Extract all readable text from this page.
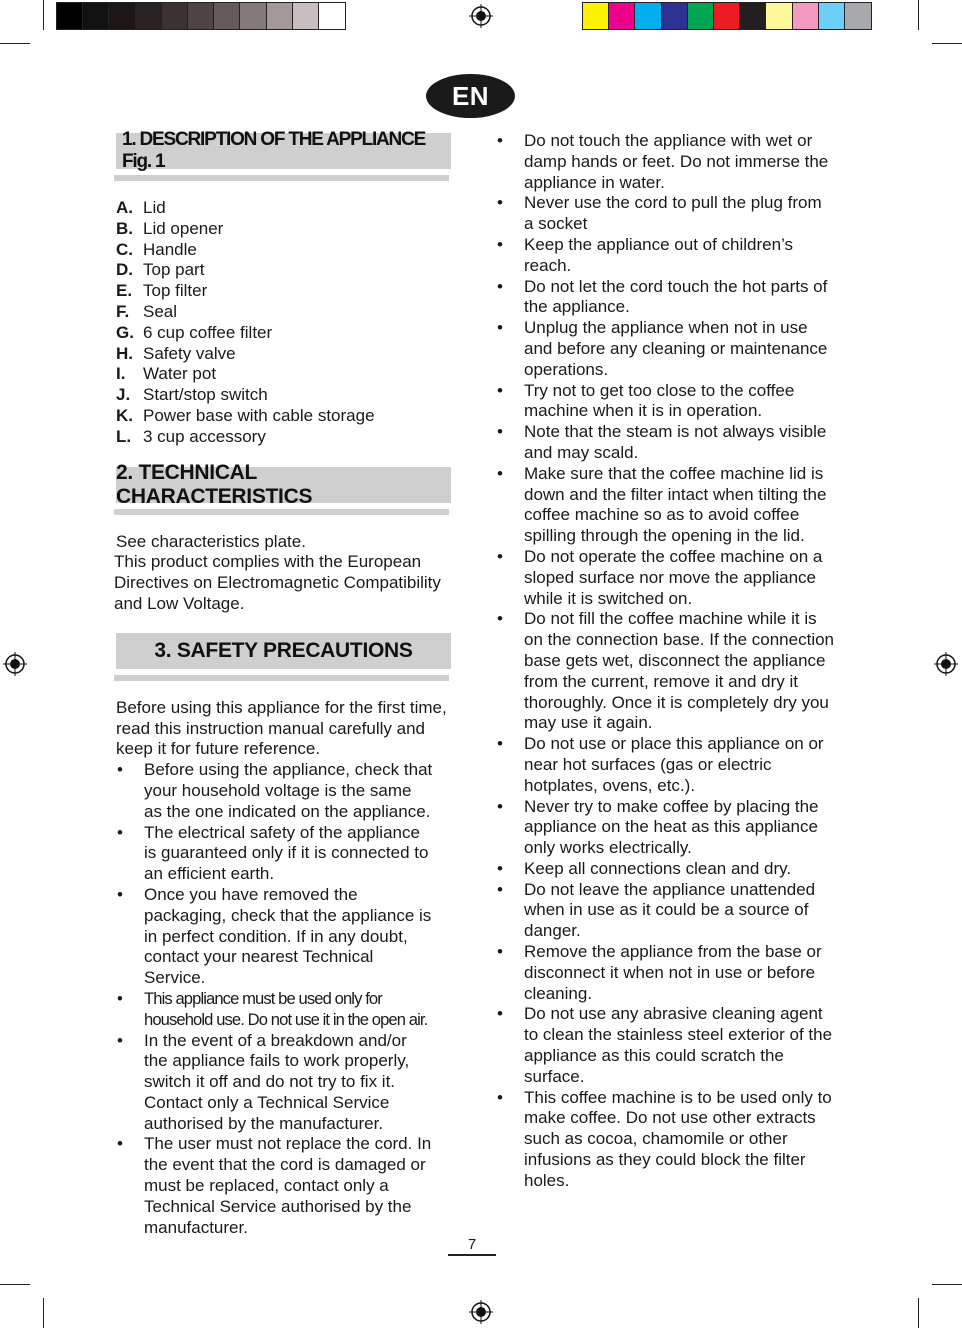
EN
1. DESCRIPTION OF THE APPLIANCE Fig. 1
A. Lid
B. Lid opener
C. Handle
D. Top part
E. Top filter
F. Seal
G. 6 cup coffee filter
H. Safety valve
I.	Water pot
J. Start/stop switch
K. Power base with cable storage
L. 3 cup accessory
2. TECHNICAL CHARACTERISTICS

See characteristics plate.

This product complies with the European Directives on Electromagnetic Compatibility and Low Voltage.

3. SAFETY PRECAUTIONS

Before using this appliance for the first time, read this instruction manual carefully and keep it for future reference.

• Before using the appliance, check that your household voltage is the same as the one indicated on the appliance.
• The electrical safety of the appliance is guaranteed only if it is connected to an efficient earth.
• Once you have removed the packaging, check that the appliance is in perfect condition. If in any doubt, contact your nearest Technical Service.
• This appliance must be used only for household use. Do not use it in the open air.
• In the event of a breakdown and/or the appliance fails to work properly, switch it off and do not try to fix it. Contact only a Technical Service authorised by the manufacturer.
• The user must not replace the cord. In the event that the cord is damaged or must be replaced, contact only a Technical Service authorised by the manufacturer.
• Do not touch the appliance with wet or damp hands or feet. Do not immerse the appliance in water.
• Never use the cord to pull the plug from a socket
• Keep the appliance out of children’s reach.
• Do not let the cord touch the hot parts of the appliance.
• Unplug the appliance when not in use and before any cleaning or maintenance operations.
• Try not to get too close to the coffee machine when it is in operation.
• Note that the steam is not always visible and may scald.
• Make sure that the coffee machine lid is down and the filter intact when tilting the coffee machine so as to avoid coffee spilling through the opening in the lid.
• Do not operate the coffee machine on a sloped surface nor move the appliance while it is switched on.
• Do not fill the coffee machine while it is on the connection base. If the connection base gets wet, disconnect the appliance from the current, remove it and dry it thoroughly. Once it is completely dry you may use it again.
• Do not use or place this appliance on or near hot surfaces (gas or electric hotplates, ovens, etc.).
• Never try to make coffee by placing the appliance on the heat as this appliance only works electrically.
• Keep all connections clean and dry.
• Do not leave the appliance unattended when in use as it could be a source of danger.
• Remove the appliance from the base or disconnect it when not in use or before cleaning.
• Do not use any abrasive cleaning agent to clean the stainless steel exterior of the appliance as this could scratch the surface.
• This coffee machine is to be used only to make coffee. Do not use other extracts such as cocoa, chamomile or other infusions as they could block the filter holes.
7
